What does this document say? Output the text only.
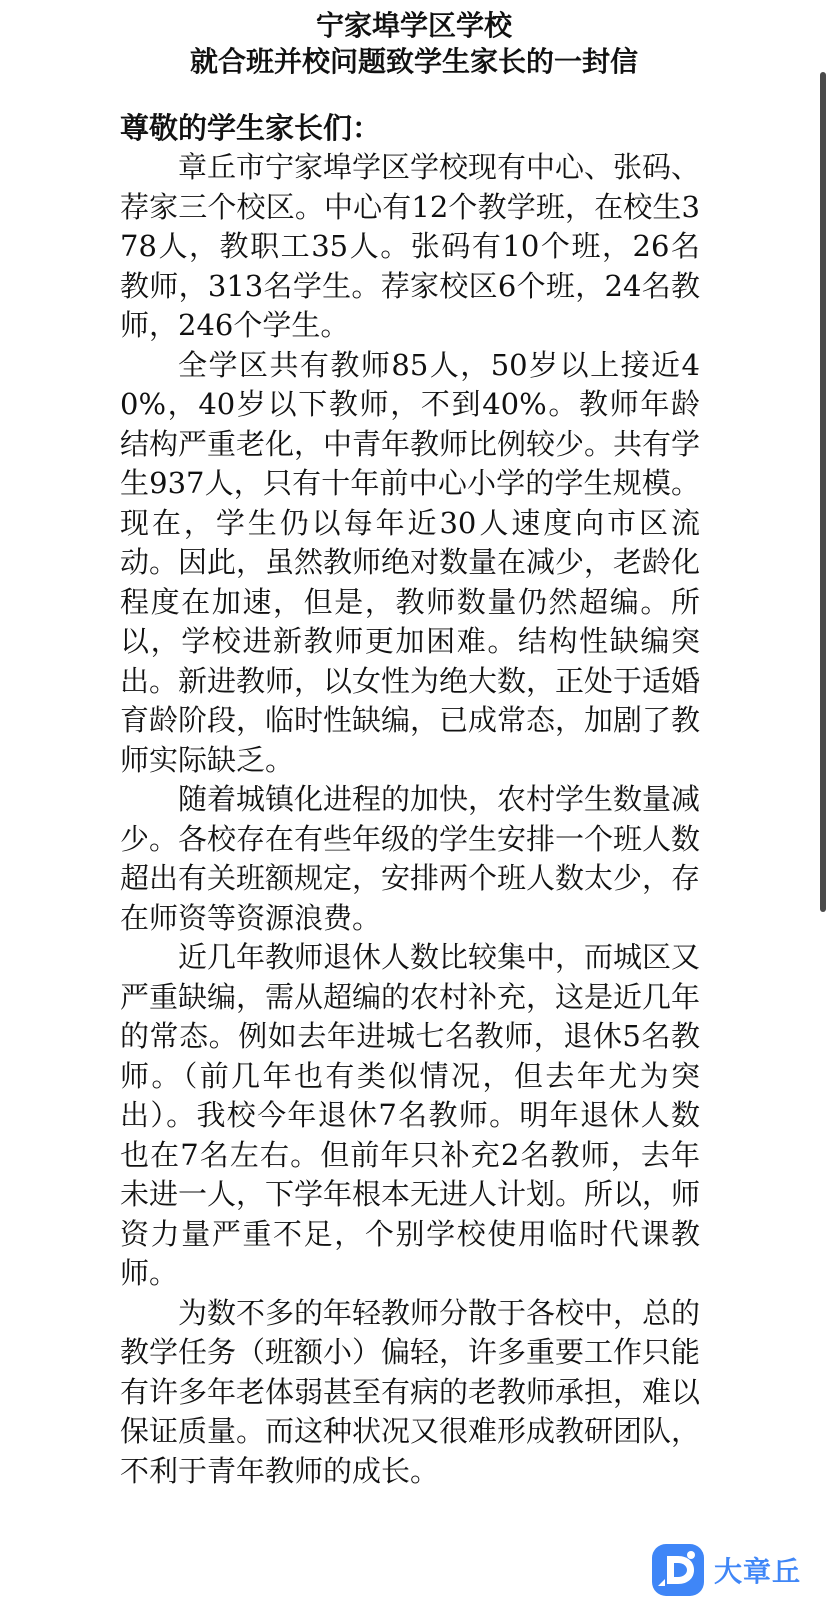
宁家埠学区学校
就合班并校问题致学生家长的一封信

尊敬的学生家长们：

章丘市宁家埠学区学校现有中心、张码、荐家三个校区。中心有12个教学班，在校生378人，教职工35人。张码有10个班，26名教师，313名学生。荐家校区6个班，24名教师，246个学生。

全学区共有教师85人，50岁以上接近40%，40岁以下教师，不到40%。教师年龄结构严重老化，中青年教师比例较少。共有学生937人，只有十年前中心小学的学生规模。现在，学生仍以每年近30人速度向市区流动。因此，虽然教师绝对数量在减少，老龄化程度在加速，但是，教师数量仍然超编。所以，学校进新教师更加困难。结构性缺编突出。新进教师，以女性为绝大数，正处于适婚育龄阶段，临时性缺编，已成常态，加剧了教师实际缺乏。

随着城镇化进程的加快，农村学生数量减少。各校存在有些年级的学生安排一个班人数超出有关班额规定，安排两个班人数太少，存在师资等资源浪费。

近几年教师退休人数比较集中，而城区又严重缺编，需从超编的农村补充，这是近几年的常态。例如去年进城七名教师，退休5名教师。（前几年也有类似情况，但去年尤为突出）。我校今年退休7名教师。明年退休人数也在7名左右。但前年只补充2名教师，去年未进一人，下学年根本无进人计划。所以，师资力量严重不足，个别学校使用临时代课教师。

为数不多的年轻教师分散于各校中，总的教学任务（班额小）偏轻，许多重要工作只能有许多年老体弱甚至有病的老教师承担，难以保证质量。而这种状况又很难形成教研团队，不利于青年教师的成长。

大章丘
